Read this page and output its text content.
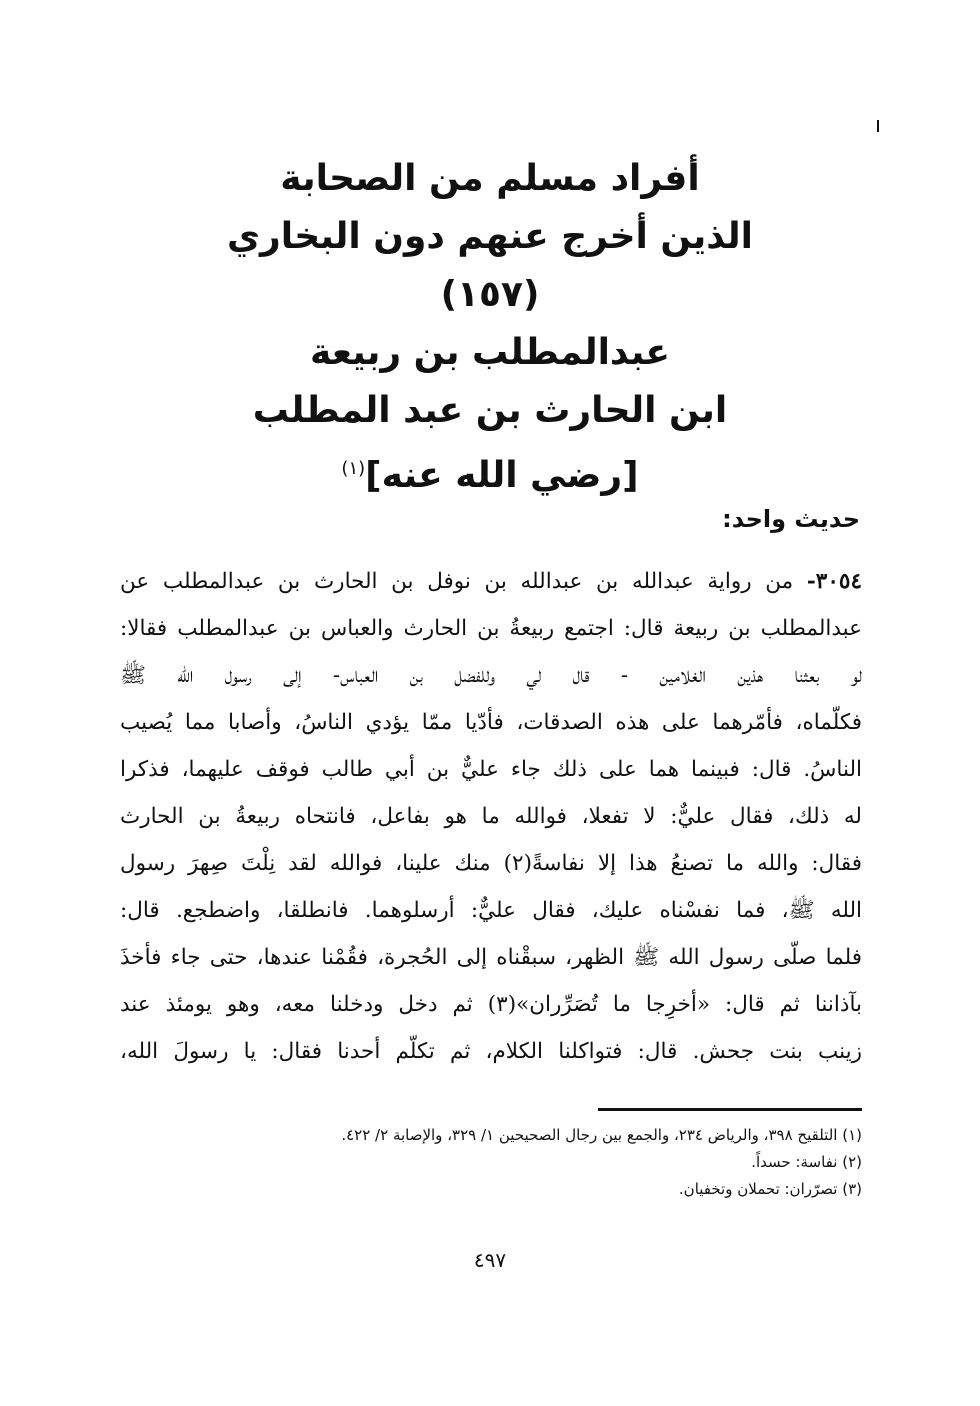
أفراد مسلم من الصحابة
الذين أخرج عنهم دون البخاري
(١٥٧)
عبدالمطلب بن ربيعة
ابن الحارث بن عبد المطلب
[رضي الله عنه]$^{(١)}$
حديث واحد:
٣٠٥٤- من رواية عبدالله بن عبدالله بن نوفل بن الحارث بن عبدالمطلب عن
عبدالمطلب بن ربيعة قال: اجتمع ربيعةُ بن الحارث والعباس بن عبدالمطلب فقالا:
لو بعثنا هذين الغلامين - قال لي وللفضل بن العباس- إلى رسول الله ﷺ
فكلّماه، فأمّرهما على هذه الصدقات، فأدّيا ممّا يؤدي الناسُ، وأصابا مما يُصيب
الناسُ. قال: فبينما هما على ذلك جاء عليٌّ بن أبي طالب فوقف عليهما، فذكرا
له ذلك، فقال عليٌّ: لا تفعلا، فوالله ما هو بفاعل، فانتحاه ربيعةُ بن الحارث
فقال: والله ما تصنعُ هذا إلا نفاسةً(٢) منك علينا، فوالله لقد نِلْتَ صِهرَ رسول
الله ﷺ، فما نفسْناه عليك، فقال عليٌّ: أرسلوهما. فانطلقا، واضطجع. قال:
فلما صلّى رسول الله ﷺ الظهر، سبقْناه إلى الحُجرة، فقُمْنا عندها، حتى جاء فأخذَ
بآذاننا ثم قال: «أخرِجا ما تُصَرِّران»(٣) ثم دخل ودخلنا معه، وهو يومئذ عند
زينب بنت جحش. قال: فتواكلنا الكلام، ثم تكلّم أحدنا فقال: يا رسولَ الله،
(١) التلقيح ٣٩٨، والرياض ٢٣٤، والجمع بين رجال الصحيحين ١/ ٣٢٩، والإصابة ٢/ ٤٢٢.
(٢) نفاسة: حسداً.
(٣) تصرّران: تحملان وتخفيان.
٤٩٧
